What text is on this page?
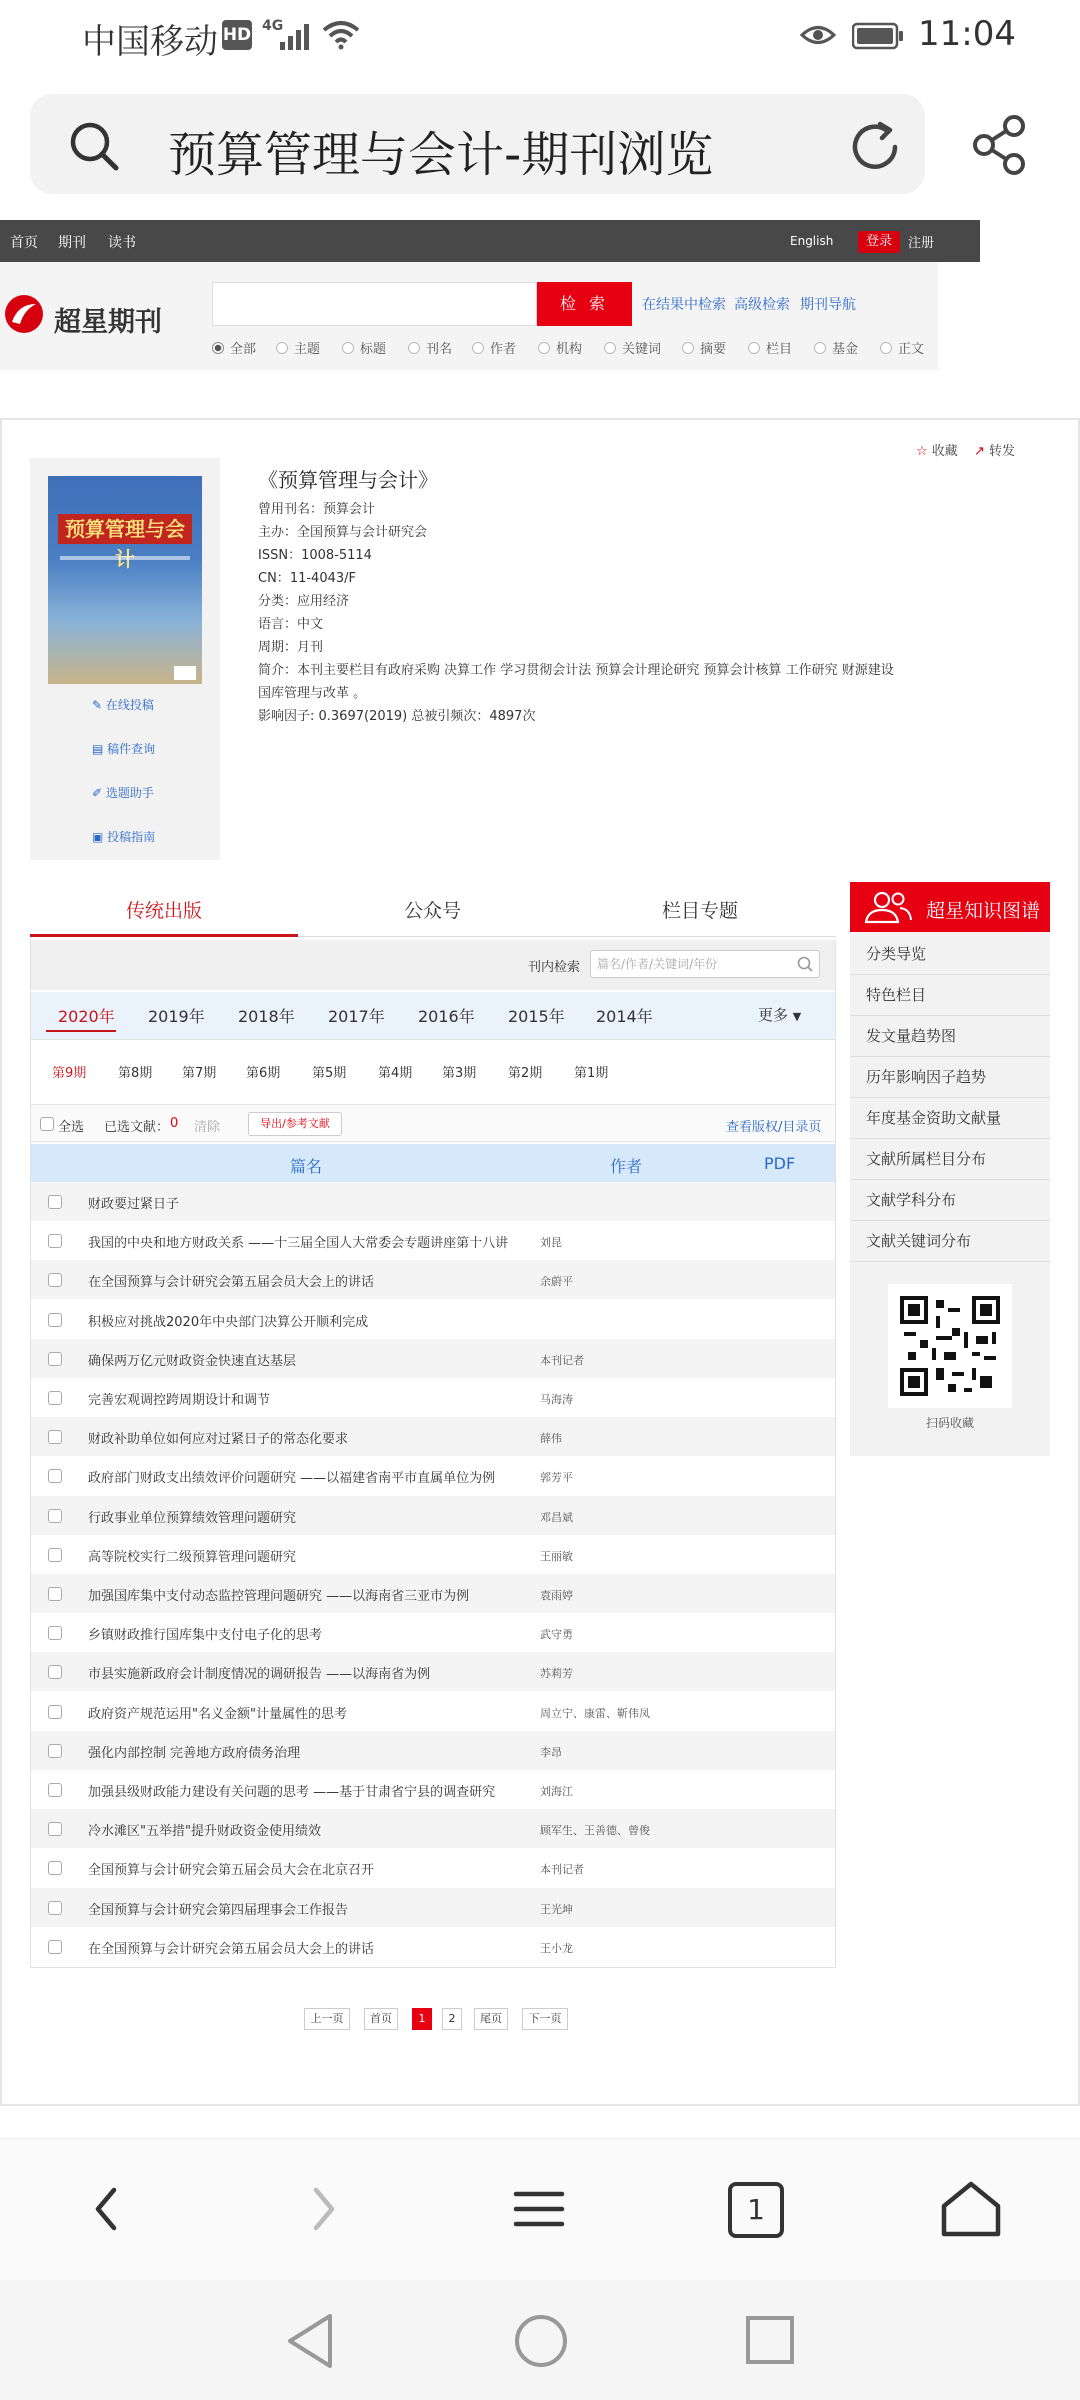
中国移动 HD 4G	11:04
预算管理与会计-期刊浏览
首页 期刊 读书	English	登录	注册
超星期刊
检 索	在结果中检索 高级检索 期刊导航
全部	主题	标题	刊名	作者	机构	关键词	摘要	栏目	基金	正文
☆ 收藏 ↗ 转发
预算管理与会
✎ 在线投稿
▤ 稿件查询
✐ 选题助手
▣ 投稿指南
《预算管理与会计》
曾用刊名：预算会计
主办：全国预算与会计研究会
ISSN：1008-5114
CN：11-4043/F
分类：应用经济
语言：中文
周期：月刊
简介：本刊主要栏目有政府采购 决算工作 学习贯彻会计法 预算会计理论研究 预算会计核算 工作研究 财源建设
国库管理与改革 。
影响因子: 0.3697(2019) 总被引频次：4897次
传统出版	公众号	栏目专题
刊内检索	篇名/作者/关键词/年份
2020年 2019年 2018年 2017年 2016年 2015年 2014年	更多 ▼
第9期 第8期 第7期 第6期 第5期 第4期 第3期 第2期 第1期
全选 已选文献： 0 清除	导出/参考文献	查看版权/目录页
篇名	作者	PDF
财政要过紧日子
我国的中央和地方财政关系 ——十三届全国人大常委会专题讲座第十八讲	刘昆
在全国预算与会计研究会第五届会员大会上的讲话	余蔚平
积极应对挑战2020年中央部门决算公开顺利完成
确保两万亿元财政资金快速直达基层	本刊记者
完善宏观调控跨周期设计和调节	马海涛
财政补助单位如何应对过紧日子的常态化要求	薛伟
政府部门财政支出绩效评价问题研究 ——以福建省南平市直属单位为例	郭芳平
行政事业单位预算绩效管理问题研究	邓昌斌
高等院校实行二级预算管理问题研究	王丽敏
加强国库集中支付动态监控管理问题研究 ——以海南省三亚市为例	袁雨婷
乡镇财政推行国库集中支付电子化的思考	武守勇
市县实施新政府会计制度情况的调研报告 ——以海南省为例	苏莉芳
政府资产规范运用"名义金额"计量属性的思考	周立宁、康雷、靳伟凤
强化内部控制 完善地方政府债务治理	李昂
加强县级财政能力建设有关问题的思考 ——基于甘肃省宁县的调查研究	刘海江
冷水滩区"五举措"提升财政资金使用绩效	顾军生、王善德、曾俊
全国预算与会计研究会第五届会员大会在北京召开	本刊记者
全国预算与会计研究会第四届理事会工作报告	王光坤
在全国预算与会计研究会第五届会员大会上的讲话	王小龙
上一页	首页	1	2	尾页	下一页
超星知识图谱
分类导览
特色栏目
发文量趋势图
历年影响因子趋势
年度基金资助文献量
文献所属栏目分布
文献学科分布
文献关键词分布
扫码收藏
1
